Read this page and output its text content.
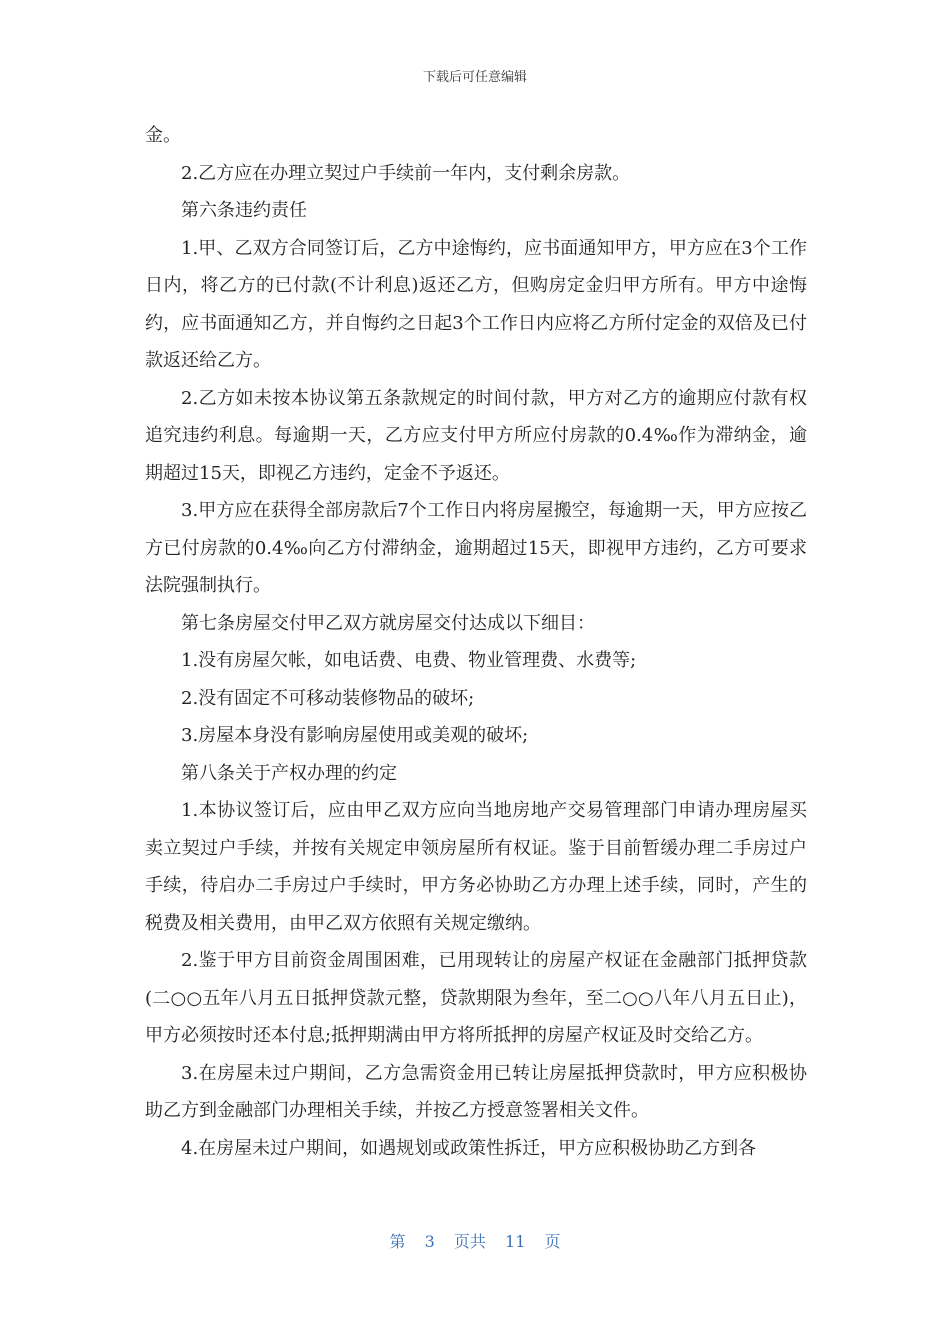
下载后可任意编辑

金。

2.乙方应在办理立契过户手续前一年内，支付剩余房款。

第六条违约责任

1.甲、乙双方合同签订后，乙方中途悔约，应书面通知甲方，甲方应在3个工作日内，将乙方的已付款(不计利息)返还乙方，但购房定金归甲方所有。甲方中途悔约，应书面通知乙方，并自悔约之日起3个工作日内应将乙方所付定金的双倍及已付款返还给乙方。

2.乙方如未按本协议第五条款规定的时间付款，甲方对乙方的逾期应付款有权追究违约利息。每逾期一天，乙方应支付甲方所应付房款的0.4‰作为滞纳金，逾期超过15天，即视乙方违约，定金不予返还。

3.甲方应在获得全部房款后7个工作日内将房屋搬空，每逾期一天，甲方应按乙方已付房款的0.4‰向乙方付滞纳金，逾期超过15天，即视甲方违约，乙方可要求法院强制执行。

第七条房屋交付甲乙双方就房屋交付达成以下细目：

1.没有房屋欠帐，如电话费、电费、物业管理费、水费等;

2.没有固定不可移动装修物品的破坏;

3.房屋本身没有影响房屋使用或美观的破坏;

第八条关于产权办理的约定

1.本协议签订后，应由甲乙双方应向当地房地产交易管理部门申请办理房屋买卖立契过户手续，并按有关规定申领房屋所有权证。鉴于目前暂缓办理二手房过户手续，待启办二手房过户手续时，甲方务必协助乙方办理上述手续，同时，产生的税费及相关费用，由甲乙双方依照有关规定缴纳。

2.鉴于甲方目前资金周围困难，已用现转让的房屋产权证在金融部门抵押贷款(二○○五年八月五日抵押贷款元整，贷款期限为叁年，至二○○八年八月五日止)，甲方必须按时还本付息;抵押期满由甲方将所抵押的房屋产权证及时交给乙方。

3.在房屋未过户期间，乙方急需资金用已转让房屋抵押贷款时，甲方应积极协助乙方到金融部门办理相关手续，并按乙方授意签署相关文件。

4.在房屋未过户期间，如遇规划或政策性拆迁，甲方应积极协助乙方到各

第 3 页共 11 页
